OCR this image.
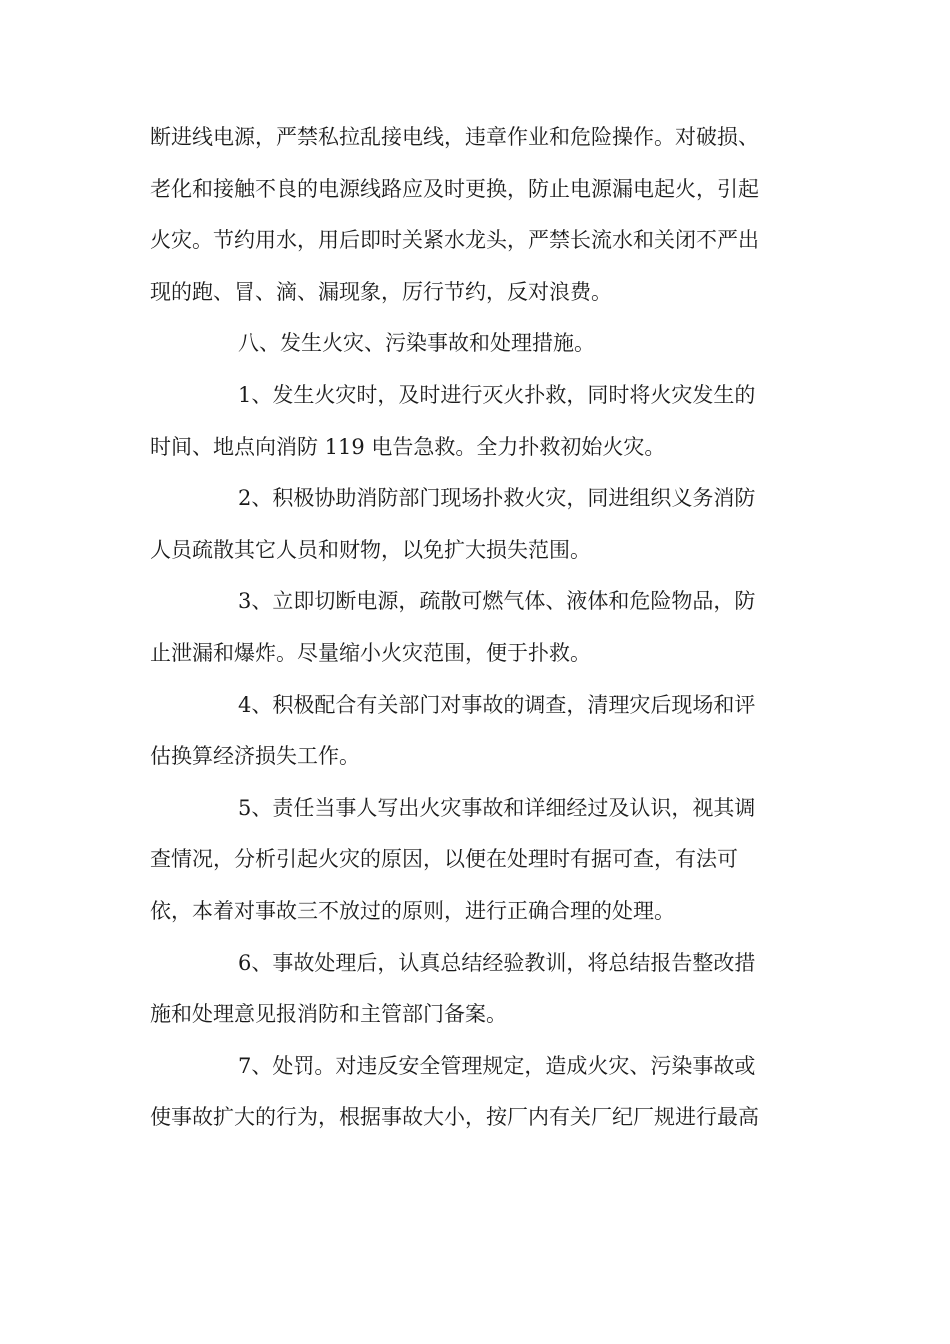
断进线电源，严禁私拉乱接电线，违章作业和危险操作。对破损、
老化和接触不良的电源线路应及时更换，防止电源漏电起火，引起
火灾。节约用水，用后即时关紧水龙头，严禁长流水和关闭不严出
现的跑、冒、滴、漏现象，厉行节约，反对浪费。
八、发生火灾、污染事故和处理措施。
1、发生火灾时，及时进行灭火扑救，同时将火灾发生的
时间、地点向消防 119 电告急救。全力扑救初始火灾。
2、积极协助消防部门现场扑救火灾，同进组织义务消防
人员疏散其它人员和财物，以免扩大损失范围。
3、立即切断电源，疏散可燃气体、液体和危险物品，防
止泄漏和爆炸。尽量缩小火灾范围，便于扑救。
4、积极配合有关部门对事故的调查，清理灾后现场和评
估换算经济损失工作。
5、责任当事人写出火灾事故和详细经过及认识，视其调
查情况，分析引起火灾的原因，以便在处理时有据可查，有法可
依，本着对事故三不放过的原则，进行正确合理的处理。
6、事故处理后，认真总结经验教训，将总结报告整改措
施和处理意见报消防和主管部门备案。
7、处罚。对违反安全管理规定，造成火灾、污染事故或
使事故扩大的行为，根据事故大小，按厂内有关厂纪厂规进行最高
